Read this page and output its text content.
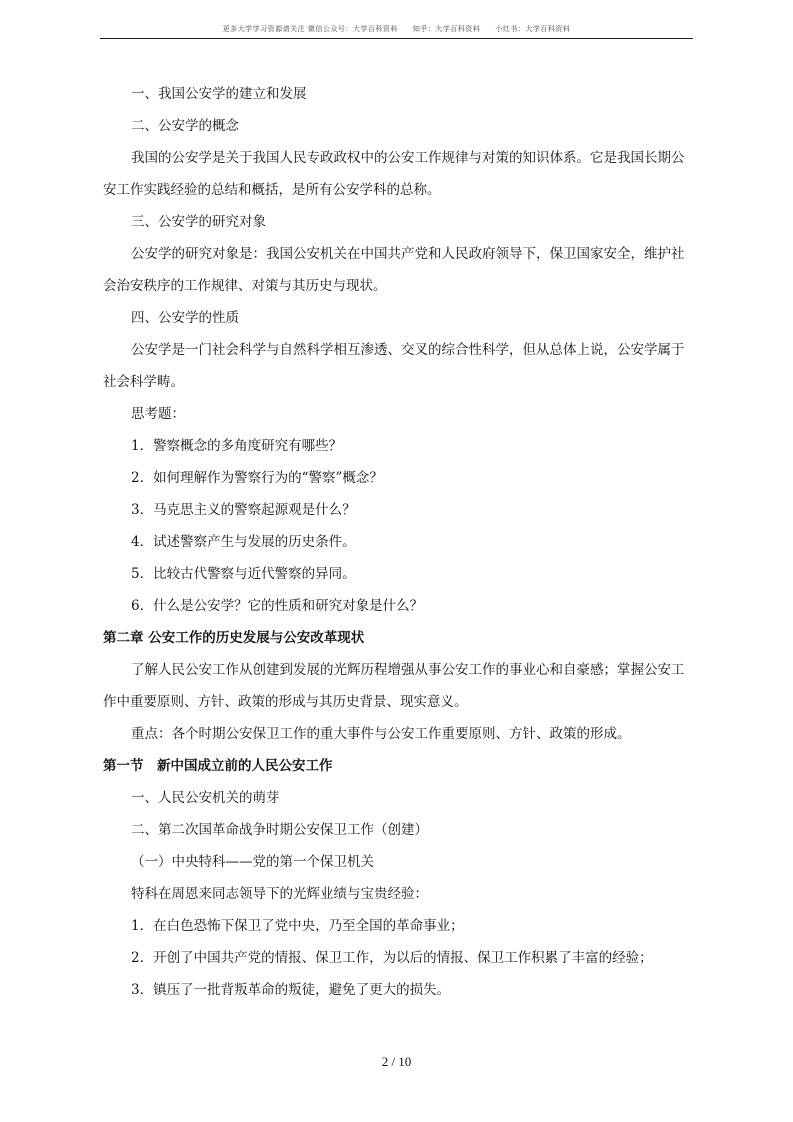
更多大学学习资源请关注 微信公众号：大学百科资料　　知乎：大学百科资料　　小红书：大学百科资料

一、我国公安学的建立和发展

二、公安学的概念

我国的公安学是关于我国人民专政政权中的公安工作规律与对策的知识体系。它是我国长期公安工作实践经验的总结和概括，是所有公安学科的总称。

三、公安学的研究对象

公安学的研究对象是：我国公安机关在中国共产党和人民政府领导下，保卫国家安全，维护社会治安秩序的工作规律、对策与其历史与现状。

四、公安学的性质

公安学是一门社会科学与自然科学相互渗透、交叉的综合性科学，但从总体上说，公安学属于社会科学畴。

思考题：

1．警察概念的多角度研究有哪些？

2．如何理解作为警察行为的“警察”概念？

3．马克思主义的警察起源观是什么？

4．试述警察产生与发展的历史条件。

5．比较古代警察与近代警察的异同。

6．什么是公安学？它的性质和研究对象是什么？

第二章 公安工作的历史发展与公安改革现状

了解人民公安工作从创建到发展的光辉历程增强从事公安工作的事业心和自豪感；掌握公安工作中重要原则、方针、政策的形成与其历史背景、现实意义。

重点：各个时期公安保卫工作的重大事件与公安工作重要原则、方针、政策的形成。

第一节　新中国成立前的人民公安工作

一、人民公安机关的萌芽

二、第二次国革命战争时期公安保卫工作（创建）

（一）中央特科——党的第一个保卫机关

特科在周恩来同志领导下的光辉业绩与宝贵经验：

1．在白色恐怖下保卫了党中央，乃至全国的革命事业；

2．开创了中国共产党的情报、保卫工作，为以后的情报、保卫工作积累了丰富的经验；

3．镇压了一批背叛革命的叛徒，避免了更大的损失。

2 / 10
